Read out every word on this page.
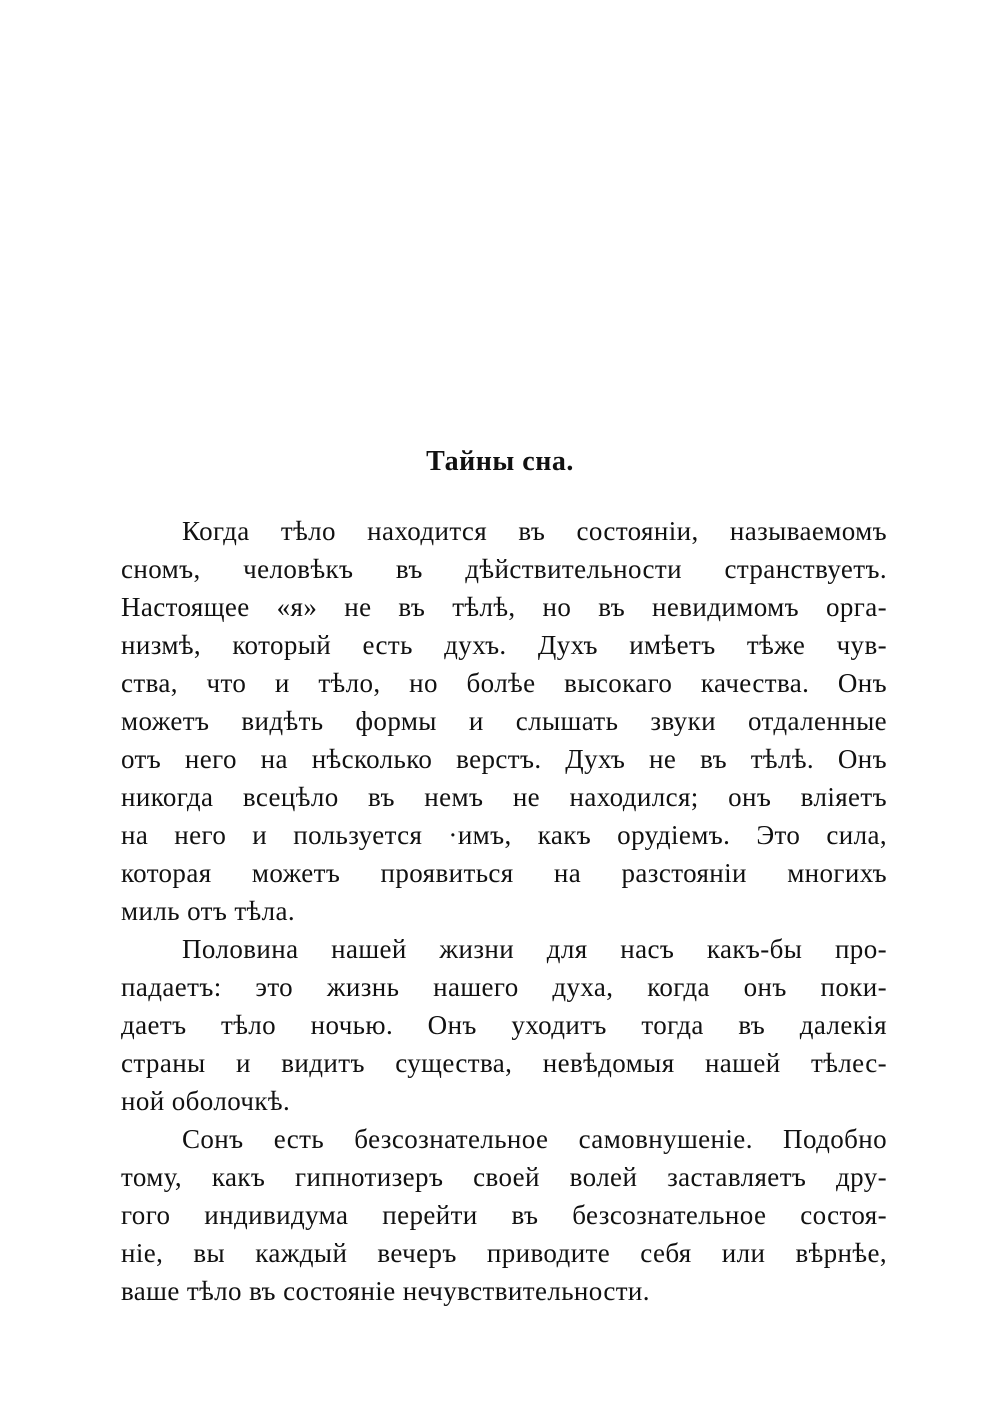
Тайны сна.
Когда тѣло находится въ состояніи, называемомъ
сномъ, человѣкъ въ дѣйствительности странствуетъ.
Настоящее «я» не въ тѣлѣ, но въ невидимомъ орга-
низмѣ, который есть духъ. Духъ имѣетъ тѣже чув-
ства, что и тѣло, но болѣе высокаго качества. Онъ
можетъ видѣть формы и слышать звуки отдаленные
отъ него на нѣсколько верстъ. Духъ не въ тѣлѣ. Онъ
никогда всецѣло въ немъ не находился; онъ вліяетъ
на него и пользуется ·имъ, какъ орудіемъ. Это сила,
которая можетъ проявиться на разстояніи многихъ
миль отъ тѣла.
Половина нашей жизни для насъ какъ-бы про-
падаетъ: это жизнь нашего духа, когда онъ поки-
даетъ тѣло ночью. Онъ уходитъ тогда въ далекія
страны и видитъ существа, невѣдомыя нашей тѣлес-
ной оболочкѣ.
Сонъ есть безсознательное самовнушеніе. Подобно
тому, какъ гипнотизеръ своей волей заставляетъ дру-
гого индивидума перейти въ безсознательное состоя-
ніе, вы каждый вечеръ приводите себя или вѣрнѣе,
ваше тѣло въ состояніе нечувствительности.
